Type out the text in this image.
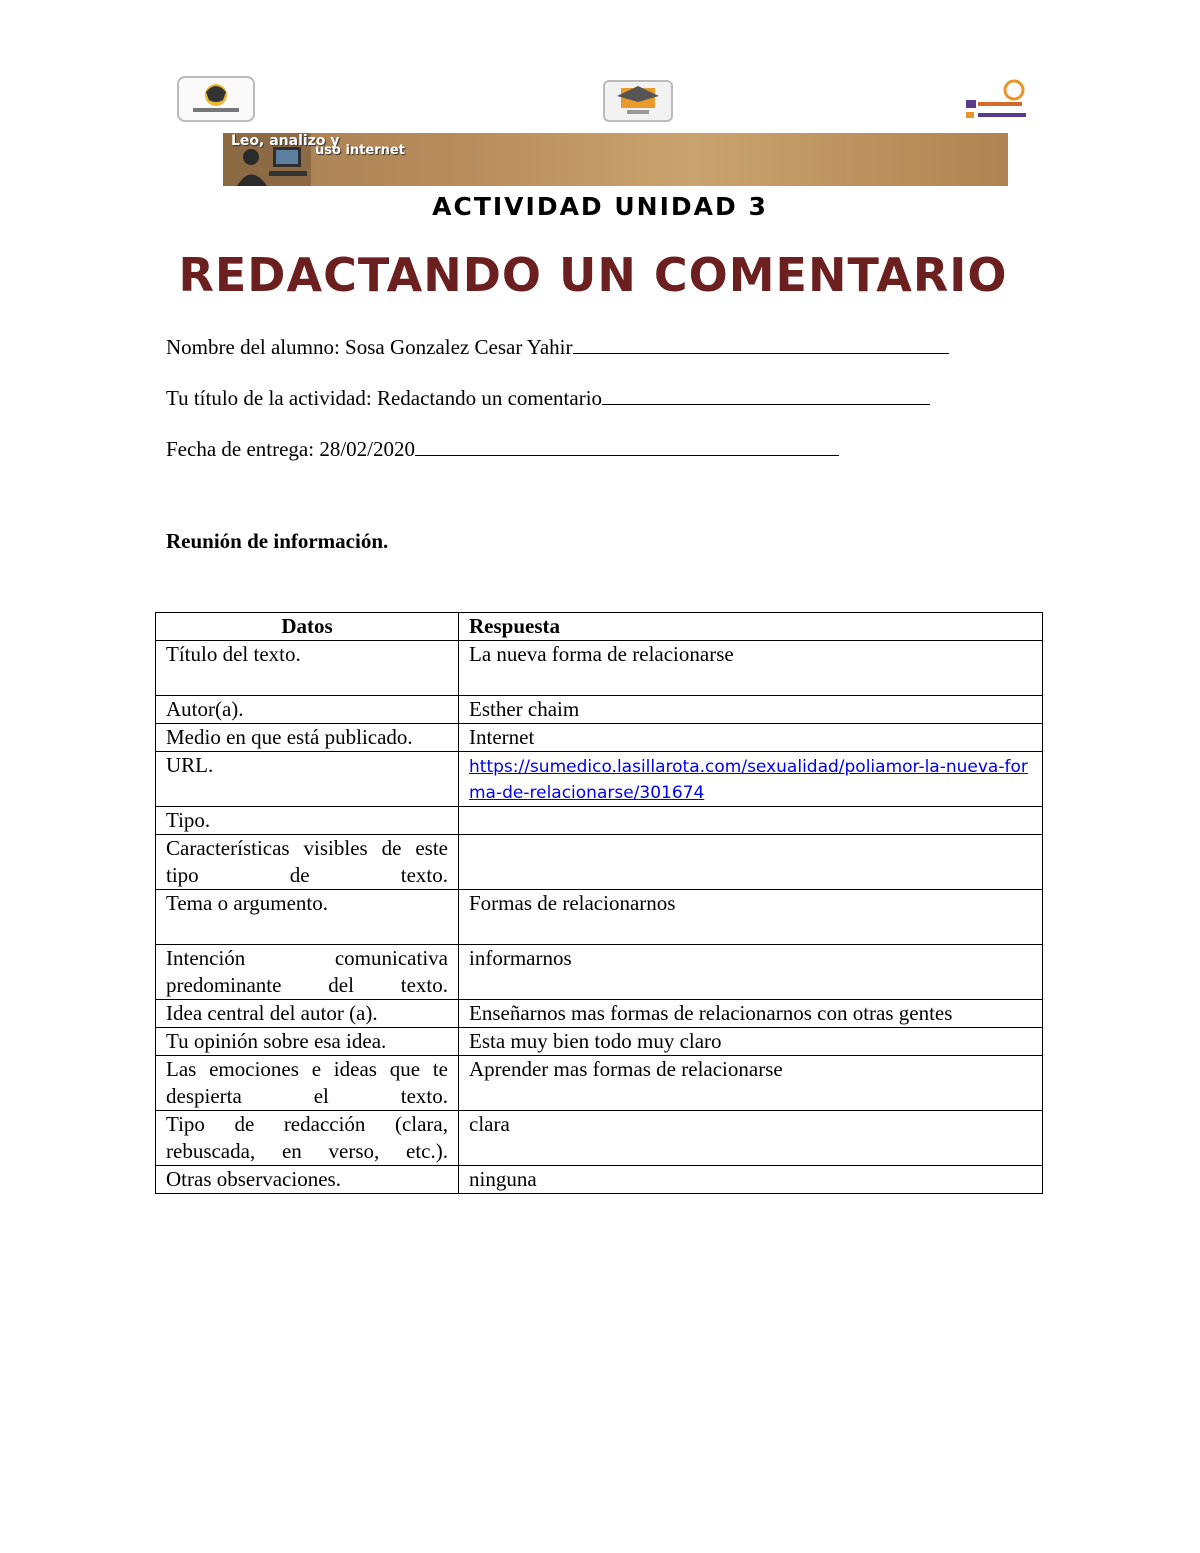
Leo, analizo y
uso internet
ACTIVIDAD UNIDAD 3
REDACTANDO UN COMENTARIO
Nombre del alumno: Sosa Gonzalez Cesar Yahir
Tu título de la actividad: Redactando un comentario
Fecha de entrega: 28/02/2020
Reunión de información.
Datos	Respuesta
Título del texto.	La nueva forma de relacionarse
Autor(a).	Esther chaim
Medio en que está publicado.	Internet
URL.	https://sumedico.lasillarota.com/sexualidad/poliamor-la-nueva-forma-de-relacionarse/301674

Tipo.	
Características visibles de este tipo de texto.	
Tema o argumento.	Formas de relacionarnos
Intención comunicativa predominante del texto.	informarnos
Idea central del autor (a).	Enseñarnos mas formas de relacionarnos con otras gentes
Tu opinión sobre esa idea.	Esta muy bien todo muy claro
Las emociones e ideas que te despierta el texto.	Aprender mas formas de relacionarse
Tipo de redacción (clara, rebuscada, en verso, etc.).	clara
Otras observaciones.	ninguna
